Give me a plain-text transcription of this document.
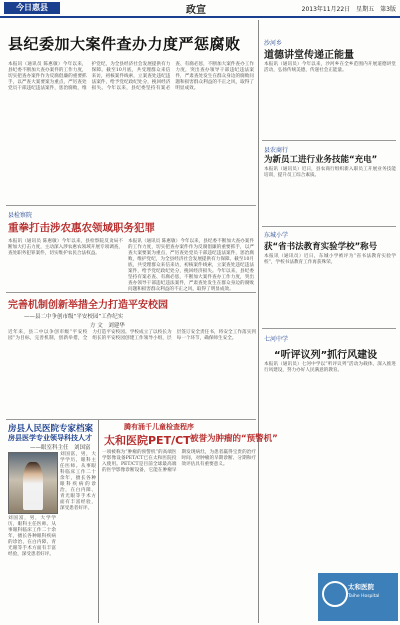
今日惠县	政宣	2013年11月22日　星期五　第3版
县纪委加大案件查办力度严惩腐败
本报讯（通讯员 陈惠敏）今年以来，县纪委不断加大查办案件的工作力度，切实把查办案件作为反腐倡廉的重要抓手，以严查大案要案为重点，严厉查处党员干部违纪违法案件，惩治腐败，维护党纪，为全县经济社会发展提供有力保障。截至10月底，共受理群众来信来访，初核案件线索，立案查处违纪违法案件，给予党纪政纪处分，挽回经济损失。今年以来，县纪委坚持有案必查、有腐必惩，不断加大案件查办工作力度，突出查办领导干部违纪违法案件，严肃查处发生在群众身边的腐败问题和损害群众利益的不正之风，取得了明显成效。
县检察院
重拳打击涉农惠农领域职务犯罪
本报讯（通讯员 陈惠敏）今年以来，县检察院反贪局不断加大打击力度，主动深入涉农惠农领域开展专项调查，查处职务犯罪案件，切实维护农民合法权益。
本报讯（通讯员 陈惠敏）今年以来，县纪委不断加大查办案件的工作力度，切实把查办案件作为反腐倡廉的重要抓手，以严查大案要案为重点，严厉查处党员干部违纪违法案件，惩治腐败，维护党纪，为全县经济社会发展提供有力保障。截至10月底，共受理群众来信来访，初核案件线索，立案查处违纪违法案件，给予党纪政纪处分，挽回经济损失。今年以来，县纪委坚持有案必查、有腐必惩，不断加大案件查办工作力度，突出查办领导干部违纪违法案件，严肃查处发生在群众身边的腐败问题和损害群众利益的不正之风，取得了明显成效。
完善机制创新举措全力打造平安校园
——县二中争创市级“平安校园”工作纪实
方 文　刘建华
近年来，县二中以争创市级“平安校园”为目标，完善机制，创新举措，全力打造平安校园。学校成立了以校长为组长的平安校园创建工作领导小组，层层签订安全责任书，将安全工作落实到每一个环节，确保师生安全。
房县人民医院专家档案
房县医学专业领导科技人才
——眼室科主任　刘国富
刘国富，男，大学学历，眼科主任医师。从事眼科临床工作二十余年，擅长各种眼科疾病的诊治，在白内障、青光眼等手术方面有丰富经验，深受患者好评。
刘国富，男，大学学历，眼科主任医师。从事眼科临床工作二十余年，擅长各种眼科疾病的诊治，在白内障、青光眼等手术方面有丰富经验，深受患者好评。
腾有涌千儿童检查程序
太和医院PET/CT 被誉为肿瘤的“预警机”
一项被称为“肿瘤的预警机”的高端医学影像设备PET/CT已在太和医院投入使用。PET/CT是目前全球最高端的医学影像诊断设备，它能在肿瘤早期发现病灶，为患者赢得宝贵的治疗时间，对肿瘤的早期诊断、分期和疗效评估具有重要意义。
沙河乡
道德讲堂传递正能量
本报讯（通讯员）今年以来，沙河乡在全乡范围内开展道德讲堂活动，弘扬传统美德，传递社会正能量。
县农商行
为新员工进行业务技能“充电”
本报讯（通讯员）近日，县农商行组织新入职员工开展业务技能培训，提升员工综合素质。
东城小学
获“省书法教育实验学校”称号
本报讯（通讯员）近日，东城小学被评为“省书法教育实验学校”，学校书法教育工作再获殊荣。
七河中学
“听评议列”抓行风建设
本报讯（通讯员）七河中学以“听评议列”活动为载体，深入推进行风建设，努力办好人民满意的教育。
太和医院
Taihe Hospital
